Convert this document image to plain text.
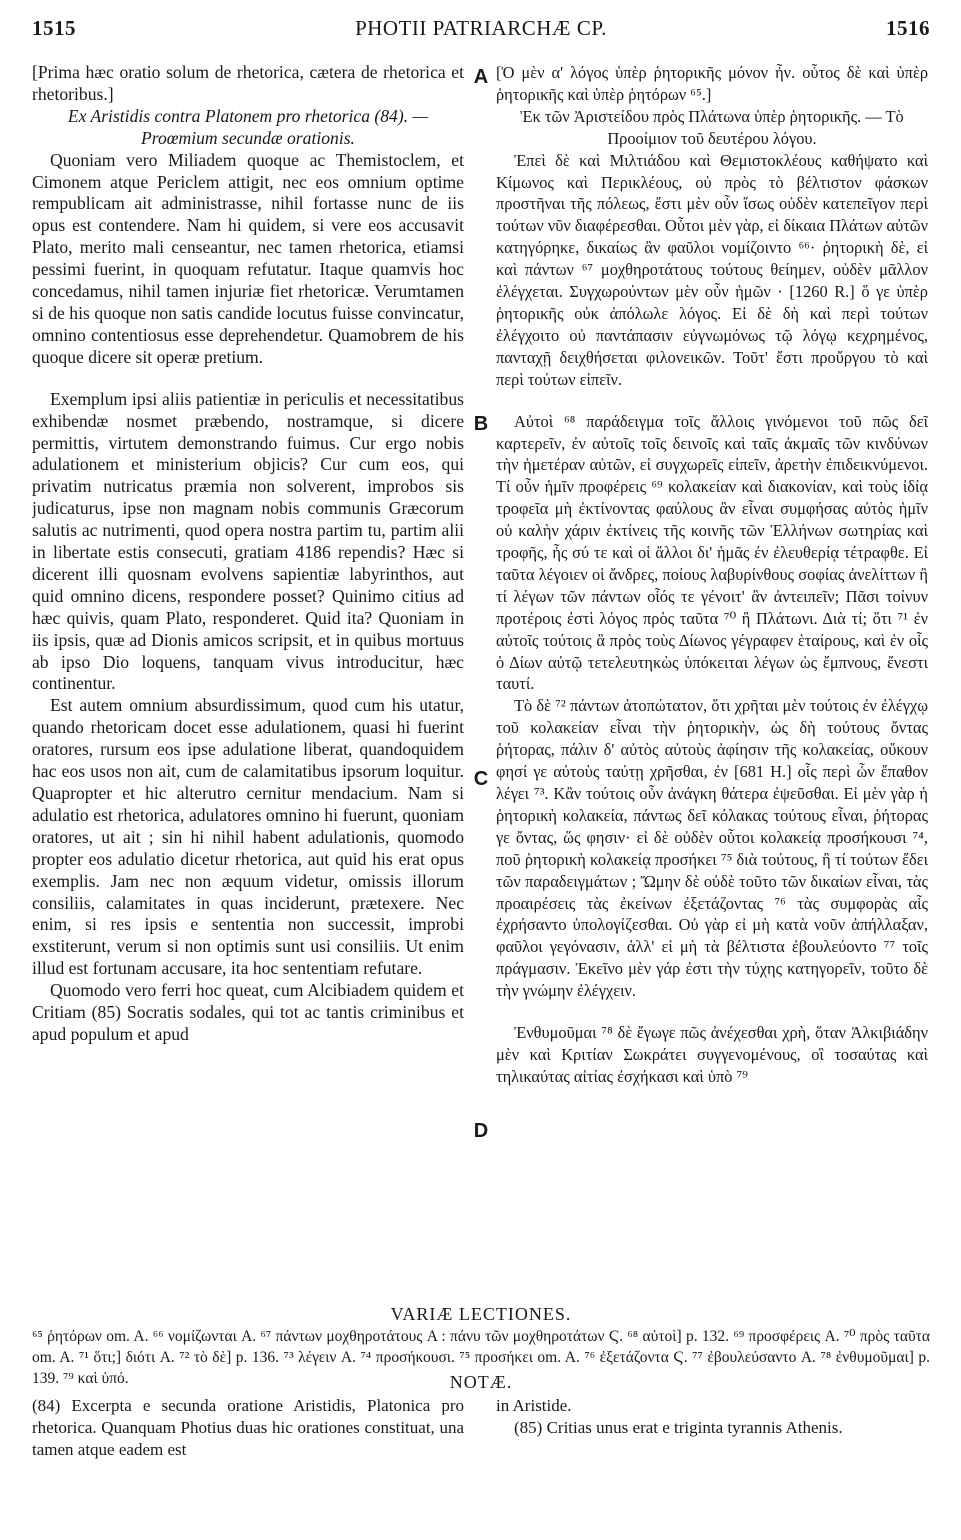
1515	PHOTII PATRIARCHÆ CP.	1516

[Prima hæc oratio solum de rhetorica, cætera de rhetorica et rhetoribus.]

Ex Aristidis contra Platonem pro rhetorica (84). —

Proœmium secundæ orationis.

Quoniam vero Miliadem quoque ac Themistoclem, et Cimonem atque Periclem attigit, nec eos omnium optime rempublicam ait administrasse, nihil fortasse nunc de iis opus est contendere. Nam hi quidem, si vere eos accusavit Plato, merito mali censeantur, nec tamen rhetorica, etiamsi pessimi fuerint, in quoquam refutatur. Itaque quamvis hoc concedamus, nihil tamen injuriæ fiet rhetoricæ. Verumtamen si de his quoque non satis candide locutus fuisse convincatur, omnino contentiosus esse deprehendetur. Quamobrem de his quoque dicere sit operæ pretium.

Exemplum ipsi aliis patientiæ in periculis et necessitatibus exhibendæ nosmet præbendo, nostramque, si dicere permittis, virtutem demonstrando fuimus. Cur ergo nobis adulationem et ministerium objicis? Cur cum eos, qui privatim nutricatus præmia non solverent, improbos sis judicaturus, ipse non magnam nobis communis Græcorum salutis ac nutrimenti, quod opera nostra partim tu, partim alii in libertate estis consecuti, gratiam 4186 rependis? Hæc si dicerent illi quosnam evolvens sapientiæ labyrinthos, aut quid omnino dicens, respondere posset? Quinimo citius ad hæc quivis, quam Plato, responderet. Quid ita? Quoniam in iis ipsis, quæ ad Dionis amicos scripsit, et in quibus mortuus ab ipso Dio loquens, tanquam vivus introducitur, hæc continentur.

Est autem omnium absurdissimum, quod cum his utatur, quando rhetoricam docet esse adulationem, quasi hi fuerint oratores, rursum eos ipse adulatione liberat, quandoquidem hac eos usos non ait, cum de calamitatibus ipsorum loquitur. Quapropter et hic alterutro cernitur mendacium. Nam si adulatio est rhetorica, adulatores omnino hi fuerunt, quoniam oratores, ut ait ; sin hi nihil habent adulationis, quomodo propter eos adulatio dicetur rhetorica, aut quid his erat opus exemplis. Jam nec non æquum videtur, omissis illorum consiliis, calamitates in quas inciderunt, prætexere. Nec enim, si res ipsis e sententia non successit, improbi exstiterunt, verum si non optimis sunt usi consiliis. Ut enim illud est fortunam accusare, ita hoc sententiam refutare.

Quomodo vero ferri hoc queat, cum Alcibiadem quidem et Critiam (85) Socratis sodales, qui tot ac tantis criminibus et apud populum et apud

A
B
C
D

[Ὁ μὲν α' λόγος ὑπὲρ ῥητορικῆς μόνον ἦν. οὗτος δὲ καὶ ὑπὲρ ῥητορικῆς καὶ ὑπὲρ ῥητόρων ⁶⁵.]

Ἐκ τῶν Ἀριστείδου πρὸς Πλάτωνα ὑπὲρ ῥητορικῆς. — Τὸ Προοίμιον τοῦ δευτέρου λόγου.

Ἐπεὶ δὲ καὶ Μιλτιάδου καὶ Θεμιστοκλέους καθήψατο καὶ Κίμωνος καὶ Περικλέους, οὐ πρὸς τὸ βέλτιστον φάσκων προστῆναι τῆς πόλεως, ἔστι μὲν οὖν ἴσως οὐδὲν κατεπεῖγον περὶ τούτων νῦν διαφέρεσθαι. Οὗτοι μὲν γὰρ, εἰ δίκαια Πλάτων αὐτῶν κατηγόρηκε, δικαίως ἂν φαῦλοι νομίζοιντο ⁶⁶· ῥητορικὴ δὲ, εἰ καὶ πάντων ⁶⁷ μοχθηροτάτους τούτους θείημεν, οὐδὲν μᾶλλον ἐλέγχεται. Συγχωρούντων μὲν οὖν ἡμῶν · [1260 R.] ὅ γε ὑπὲρ ῥητορικῆς οὐκ ἀπόλωλε λόγος. Εἰ δὲ δὴ καὶ περὶ τούτων ἐλέγχοιτο οὐ παντάπασιν εὐγνωμόνως τῷ λόγῳ κεχρημένος, πανταχῇ δειχθήσεται φιλονεικῶν. Τοῦτ' ἔστι προὔργου τὸ καὶ περὶ τούτων εἰπεῖν.

Αὐτοὶ ⁶⁸ παράδειγμα τοῖς ἄλλοις γινόμενοι τοῦ πῶς δεῖ καρτερεῖν, ἐν αὐτοῖς τοῖς δεινοῖς καὶ ταῖς ἀκμαῖς τῶν κινδύνων τὴν ἡμετέραν αὐτῶν, εἰ συγχωρεῖς εἰπεῖν, ἀρετὴν ἐπιδεικνύμενοι. Τί οὖν ἡμῖν προφέρεις ⁶⁹ κολακείαν καὶ διακονίαν, καὶ τοὺς ἰδίᾳ τροφεῖα μὴ ἐκτίνοντας φαύλους ἂν εἶναι συμφήσας αὐτὸς ἡμῖν οὐ καλὴν χάριν ἐκτίνεις τῆς κοινῆς τῶν Ἑλλήνων σωτηρίας καὶ τροφῆς, ἧς σύ τε καὶ οἱ ἄλλοι δι' ἡμᾶς ἐν ἐλευθερίᾳ τέτραφθε. Εἰ ταῦτα λέγοιεν οἱ ἄνδρες, ποίους λαβυρίνθους σοφίας ἀνελίττων ἢ τί λέγων τῶν πάντων οἷός τε γένοιτ' ἂν ἀντειπεῖν; Πᾶσι τοίνυν προτέροις ἐστὶ λόγος πρὸς ταῦτα ⁷⁰ ἢ Πλάτωνι. Διὰ τί; ὅτι ⁷¹ ἐν αὐτοῖς τούτοις ἃ πρὸς τοὺς Δίωνος γέγραφεν ἑταίρους, καὶ ἐν οἷς ὁ Δίων αὐτῷ τετελευτηκὼς ὑπόκειται λέγων ὡς ἔμπνους, ἔνεστι ταυτί.

Τὸ δὲ ⁷² πάντων ἀτοπώτατον, ὅτι χρῆται μὲν τούτοις ἐν ἐλέγχῳ τοῦ κολακείαν εἶναι τὴν ῥητορικὴν, ὡς δὴ τούτους ὄντας ῥήτορας, πάλιν δ' αὐτὸς αὐτοὺς ἀφίησιν τῆς κολακείας, οὔκουν φησί γε αὐτοὺς ταύτῃ χρῆσθαι, ἐν [681 H.] οἷς περὶ ὧν ἔπαθον λέγει ⁷³. Κἂν τούτοις οὖν ἀνάγκη θάτερα ἐψεῦσθαι. Εἰ μὲν γὰρ ἡ ῥητορικὴ κολακεία, πάντως δεῖ κόλακας τούτους εἶναι, ῥήτορας γε ὄντας, ὥς φησιν· εἰ δὲ οὐδὲν οὗτοι κολακείᾳ προσήκουσι ⁷⁴, ποῦ ῥητορικὴ κολακείᾳ προσήκει ⁷⁵ διὰ τούτους, ἢ τί τούτων ἔδει τῶν παραδειγμάτων ; Ὤμην δὲ οὐδὲ τοῦτο τῶν δικαίων εἶναι, τὰς προαιρέσεις τὰς ἐκείνων ἐξετάζοντας ⁷⁶ τὰς συμφορὰς αἷς ἐχρήσαντο ὑπολογίζεσθαι. Οὐ γὰρ εἰ μὴ κατὰ νοῦν ἀπήλλαξαν, φαῦλοι γεγόνασιν, ἀλλ' εἰ μὴ τὰ βέλτιστα ἐβουλεύοντο ⁷⁷ τοῖς πράγμασιν. Ἐκεῖνο μὲν γάρ ἐστι τὴν τύχης κατηγορεῖν, τοῦτο δὲ τὴν γνώμην ἐλέγχειν.

Ἐνθυμοῦμαι ⁷⁸ δὲ ἔγωγε πῶς ἀνέχεσθαι χρὴ, ὅταν Ἀλκιβιάδην μὲν καὶ Κριτίαν Σωκράτει συγγενομένους, οἳ τοσαύτας καὶ τηλικαύτας αἰτίας ἐσχήκασι καὶ ὑπὸ ⁷⁹

VARIÆ LECTIONES.
⁶⁵ ῥητόρων om. A. ⁶⁶ νομίζωνται A. ⁶⁷ πάντων μοχθηροτάτους A : πάνυ τῶν μοχθηροτάτων Ϛ. ⁶⁸ αὐτοὶ] p. 132. ⁶⁹ προσφέρεις A. ⁷⁰ πρὸς ταῦτα om. A. ⁷¹ ὅτι;] διότι A. ⁷² τὸ δὲ] p. 136. ⁷³ λέγειν A. ⁷⁴ προσήκουσι. ⁷⁵ προσήκει om. A. ⁷⁶ ἐξετάζοντα Ϛ. ⁷⁷ ἐβουλεύσαντο A. ⁷⁸ ἐνθυμοῦμαι] p. 139. ⁷⁹ καὶ ὑπό.	NOTÆ.

(84) Excerpta e secunda oratione Aristidis, Platonica pro rhetorica. Quanquam Photius duas hic orationes constituat, una tamen atque eadem est

in Aristide.

(85) Critias unus erat e triginta tyrannis Athenis.
